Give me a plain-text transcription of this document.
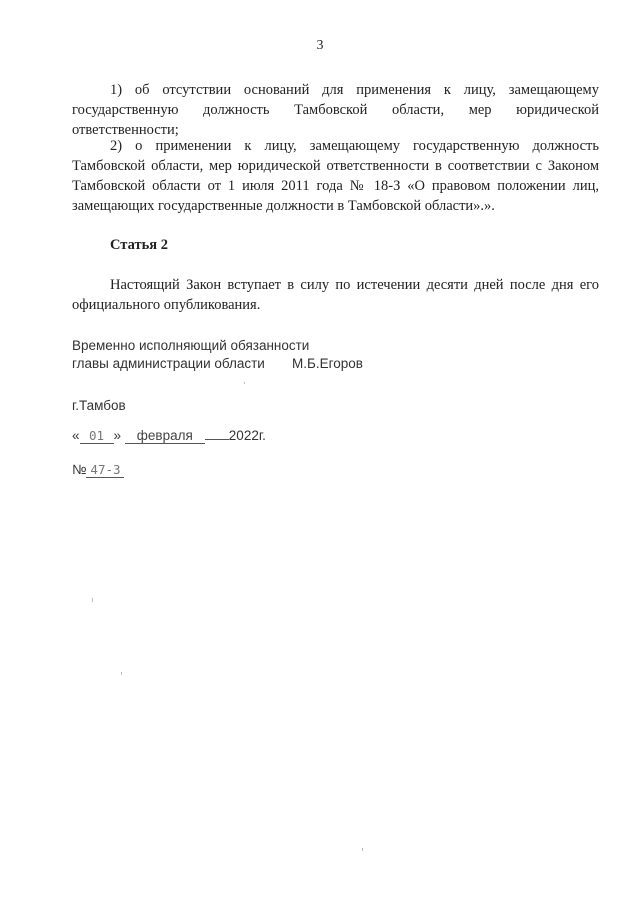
3

1) об отсутствии оснований для применения к лицу, замещающему государственную должность Тамбовской области, мер юридической ответственности;

2) о применении к лицу, замещающему государственную должность Тамбовской области, мер юридической ответственности в соответствии с Законом Тамбовской области от 1 июля 2011 года № 18-З «О правовом положении лиц, замещающих государственные должности в Тамбовской области».».

Статья 2

Настоящий Закон вступает в силу по истечении десяти дней после дня его официального опубликования.

Временно исполняющий обязанности
главы администрации области М.Б.Егоров
г.Тамбов
« 01 » февраля	2022г.
№ 47-З
